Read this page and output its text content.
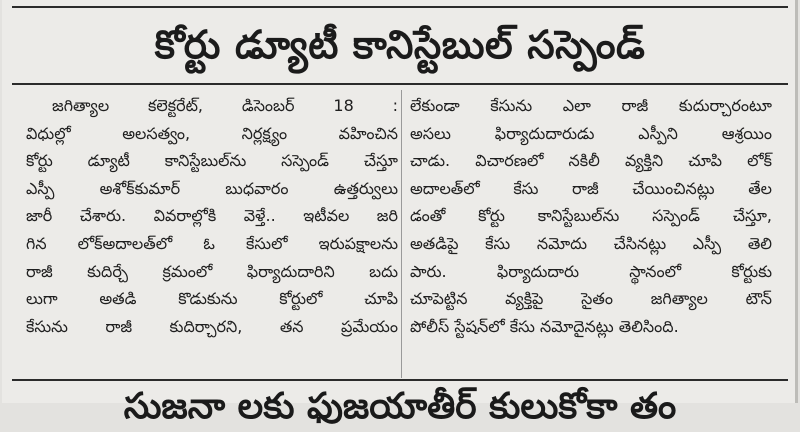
కోర్టు డ్యూటీ కానిస్టేబుల్ సస్పెండ్
జగిత్యాల కలెక్టరేట్, డిసెంబర్ 18 :
విధుల్లో అలసత్వం, నిర్లక్ష్యం వహించిన
కోర్టు డ్యూటీ కానిస్టేబుల్‌ను సస్పెండ్ చేస్తూ
ఎస్పీ అశోక్‌కుమార్ బుధవారం ఉత్తర్వులు
జారీ చేశారు. వివరాల్లోకి వెళ్తే.. ఇటీవల జరి
గిన లోక్‌అదాలత్‌లో ఓ కేసులో ఇరుపక్షాలను
రాజీ కుదిర్చే క్రమంలో ఫిర్యాదుదారిని బదు
లుగా అతడి కొడుకును కోర్టులో చూపి
కేసును రాజీ కుదిర్చారని, తన ప్రమేయం
లేకుండా కేసును ఎలా రాజీ కుదుర్చారంటూ
అసలు ఫిర్యాదుదారుడు ఎస్పీని ఆశ్రయిం
చాడు. విచారణలో నకిలీ వ్యక్తిని చూపి లోక్
అదాలత్‌లో కేసు రాజీ చేయించినట్లు తేల
డంతో కోర్టు కానిస్టేబుల్‌ను సస్పెండ్ చేస్తూ,
అతడిపై కేసు నమోదు చేసినట్లు ఎస్పీ తెలి
పారు. ఫిర్యాదుదారు స్థానంలో కోర్టుకు
చూపెట్టిన వ్యక్తిపై సైతం జగిత్యాల టౌన్
పోలీస్ స్టేషన్‌లో కేసు నమోదైనట్లు తెలిసింది.
సుజనా లకు ఫుజయాతీర్ కులుకోకా తం
